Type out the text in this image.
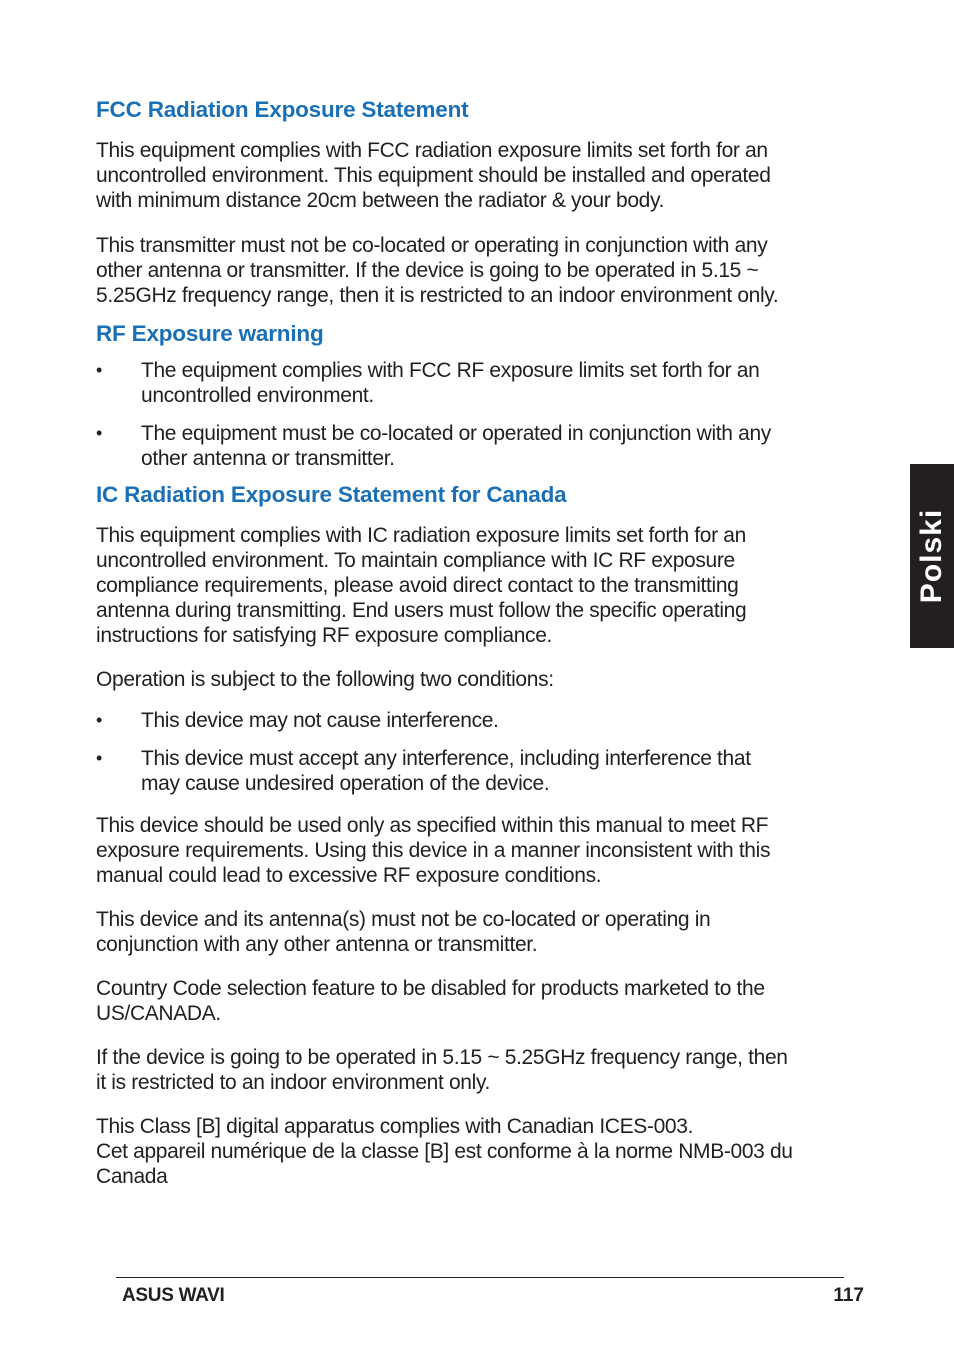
FCC Radiation Exposure Statement

This equipment complies with FCC radiation exposure limits set forth for an
uncontrolled environment. This equipment should be installed and operated
with minimum distance 20cm between the radiator & your body.

This transmitter must not be co-located or operating in conjunction with any
other antenna or transmitter. If the device is going to be operated in 5.15 ~
5.25GHz frequency range, then it is restricted to an indoor environment only.

RF Exposure warning
• The equipment complies with FCC RF exposure limits set forth for an
uncontrolled environment.
• The equipment must be co-located or operated in conjunction with any
other antenna or transmitter.
IC Radiation Exposure Statement for Canada

This equipment complies with IC radiation exposure limits set forth for an
uncontrolled environment. To maintain compliance with IC RF exposure
compliance requirements, please avoid direct contact to the transmitting
antenna during transmitting. End users must follow the specific operating
instructions for satisfying RF exposure compliance.

Operation is subject to the following two conditions:

• This device may not cause interference.
• This device must accept any interference, including interference that
may cause undesired operation of the device.

This device should be used only as specified within this manual to meet RF
exposure requirements. Using this device in a manner inconsistent with this
manual could lead to excessive RF exposure conditions.

This device and its antenna(s) must not be co-located or operating in
conjunction with any other antenna or transmitter.

Country Code selection feature to be disabled for products marketed to the
US/CANADA.

If the device is going to be operated in 5.15 ~ 5.25GHz frequency range, then
it is restricted to an indoor environment only.

This Class [B] digital apparatus complies with Canadian ICES-003.
Cet appareil numérique de la classe [B] est conforme à la norme NMB-003 du
Canada

Polski
ASUS WAVI	117
